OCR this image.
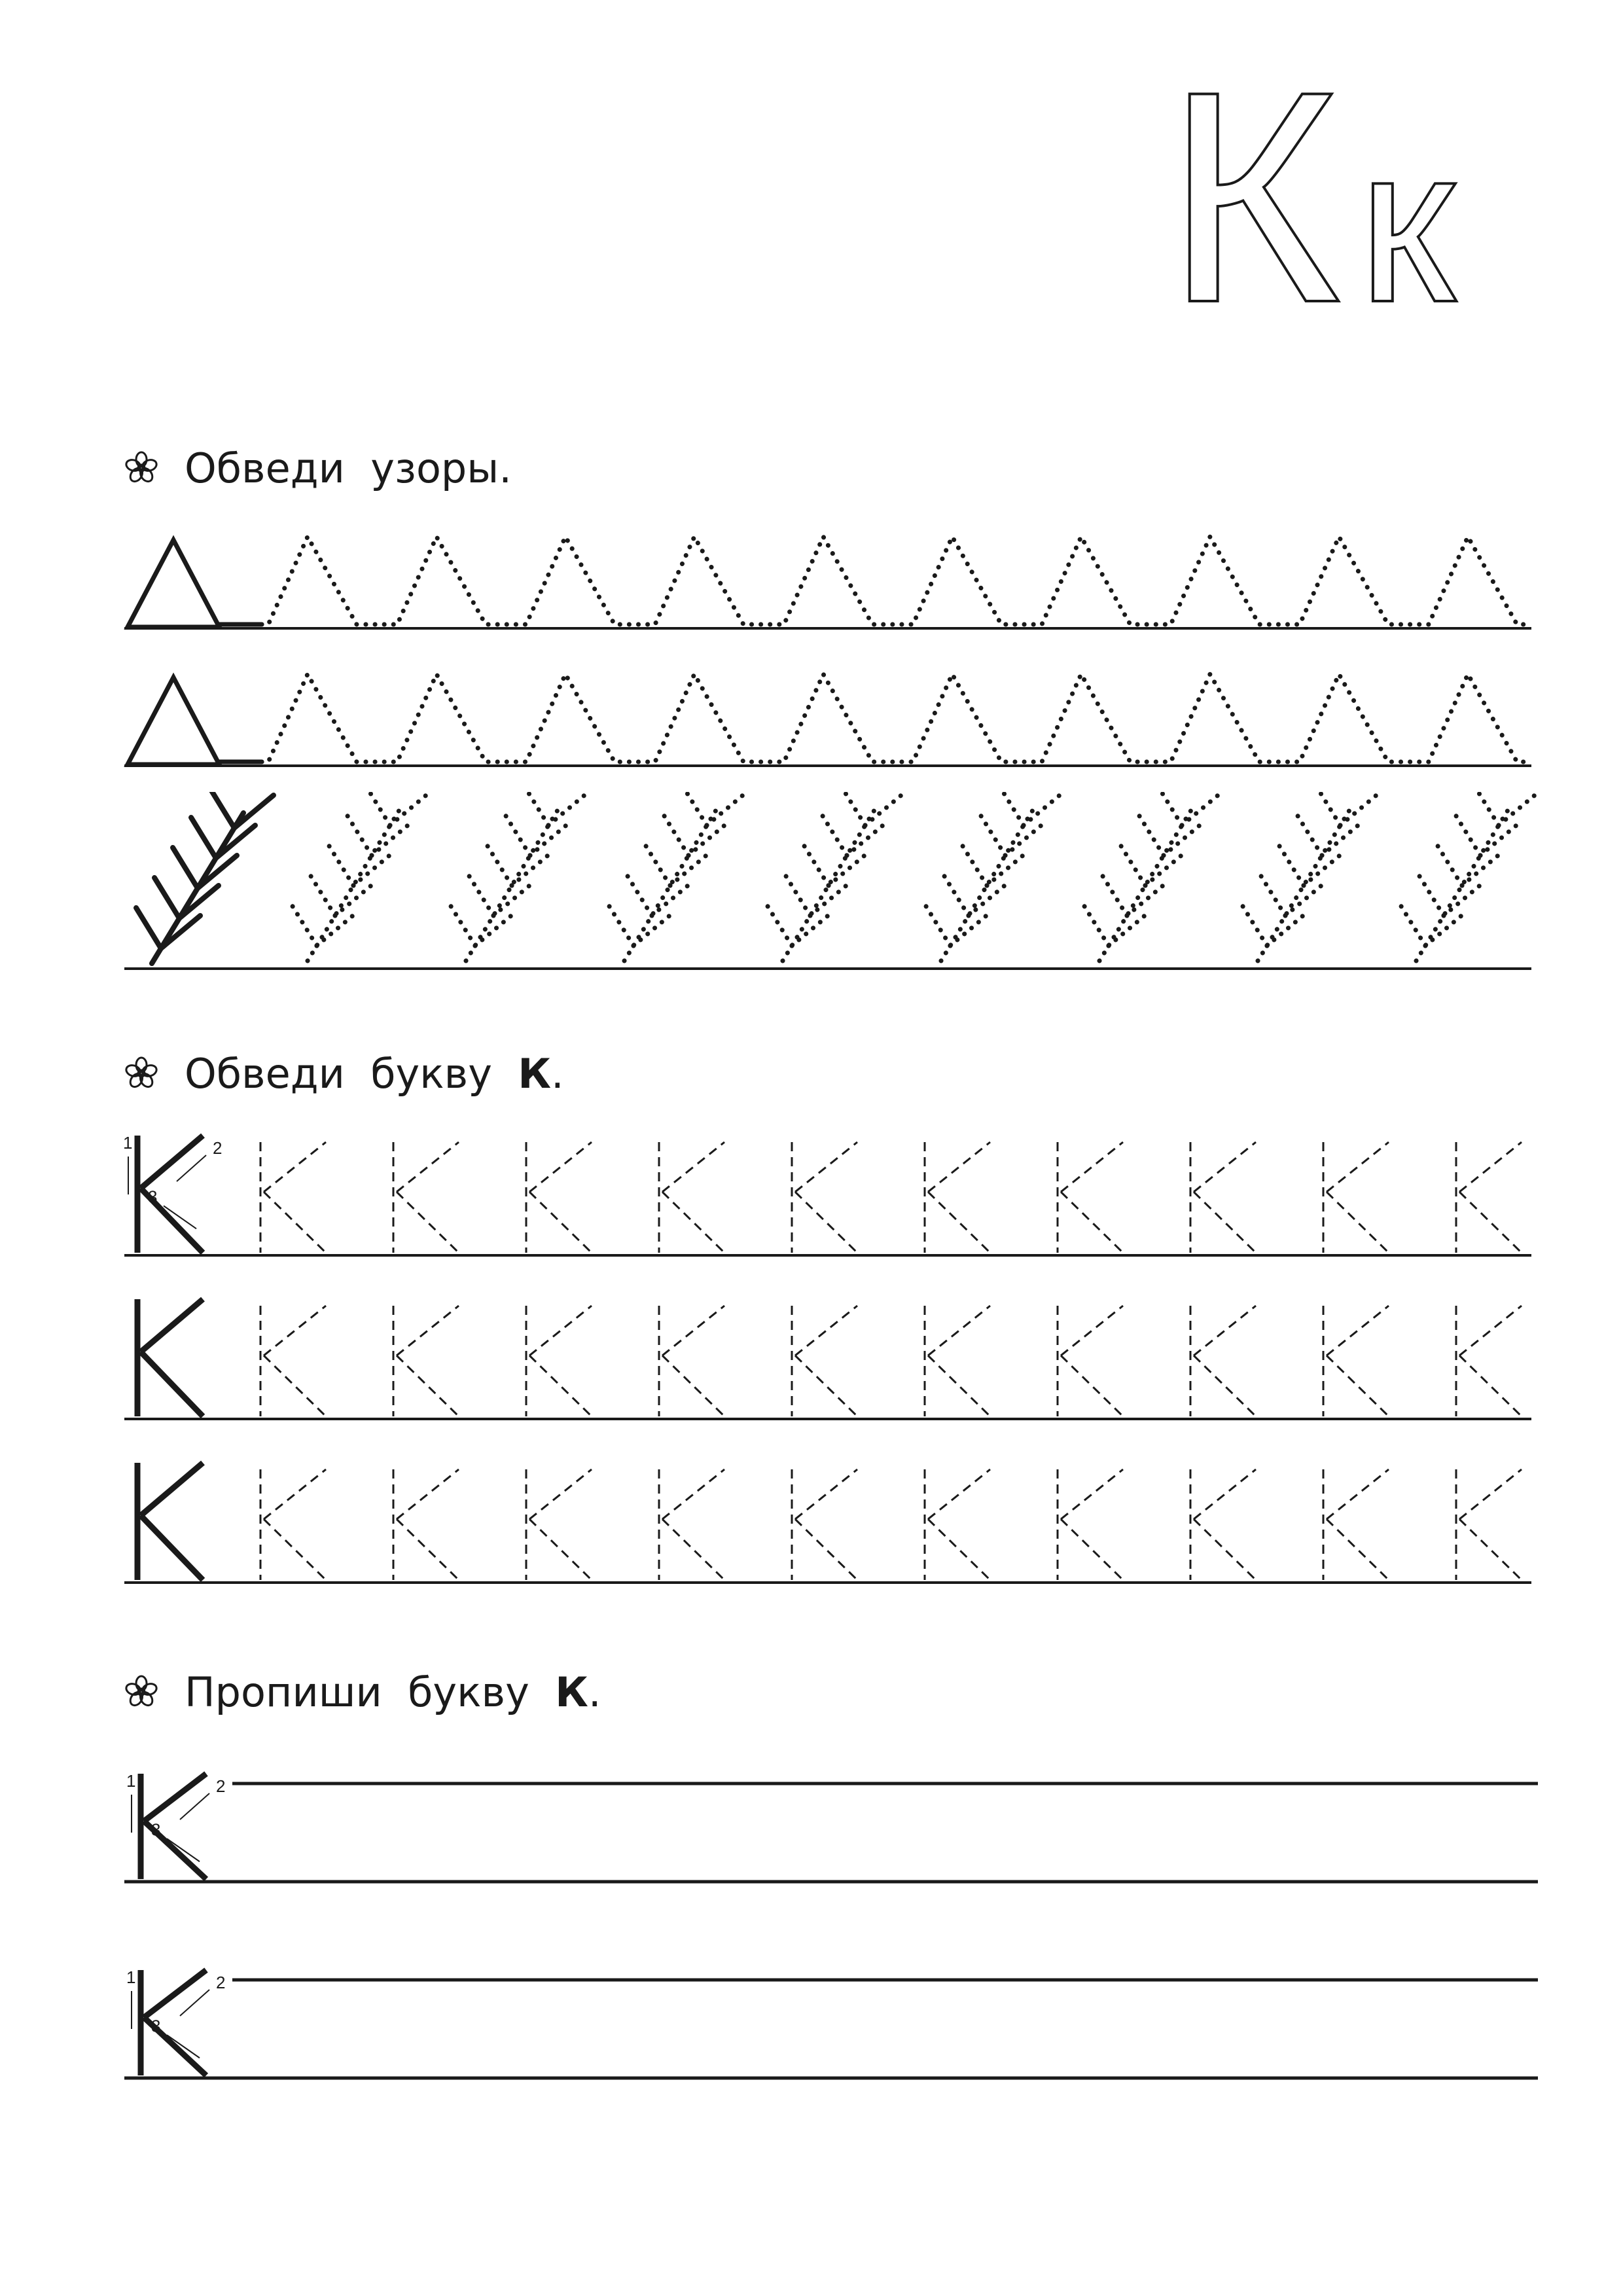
К к
Обведи  узоры.
Обведи  букву К .
1	2
3
Пропиши  букву К .
1	2
3
1	2
3
